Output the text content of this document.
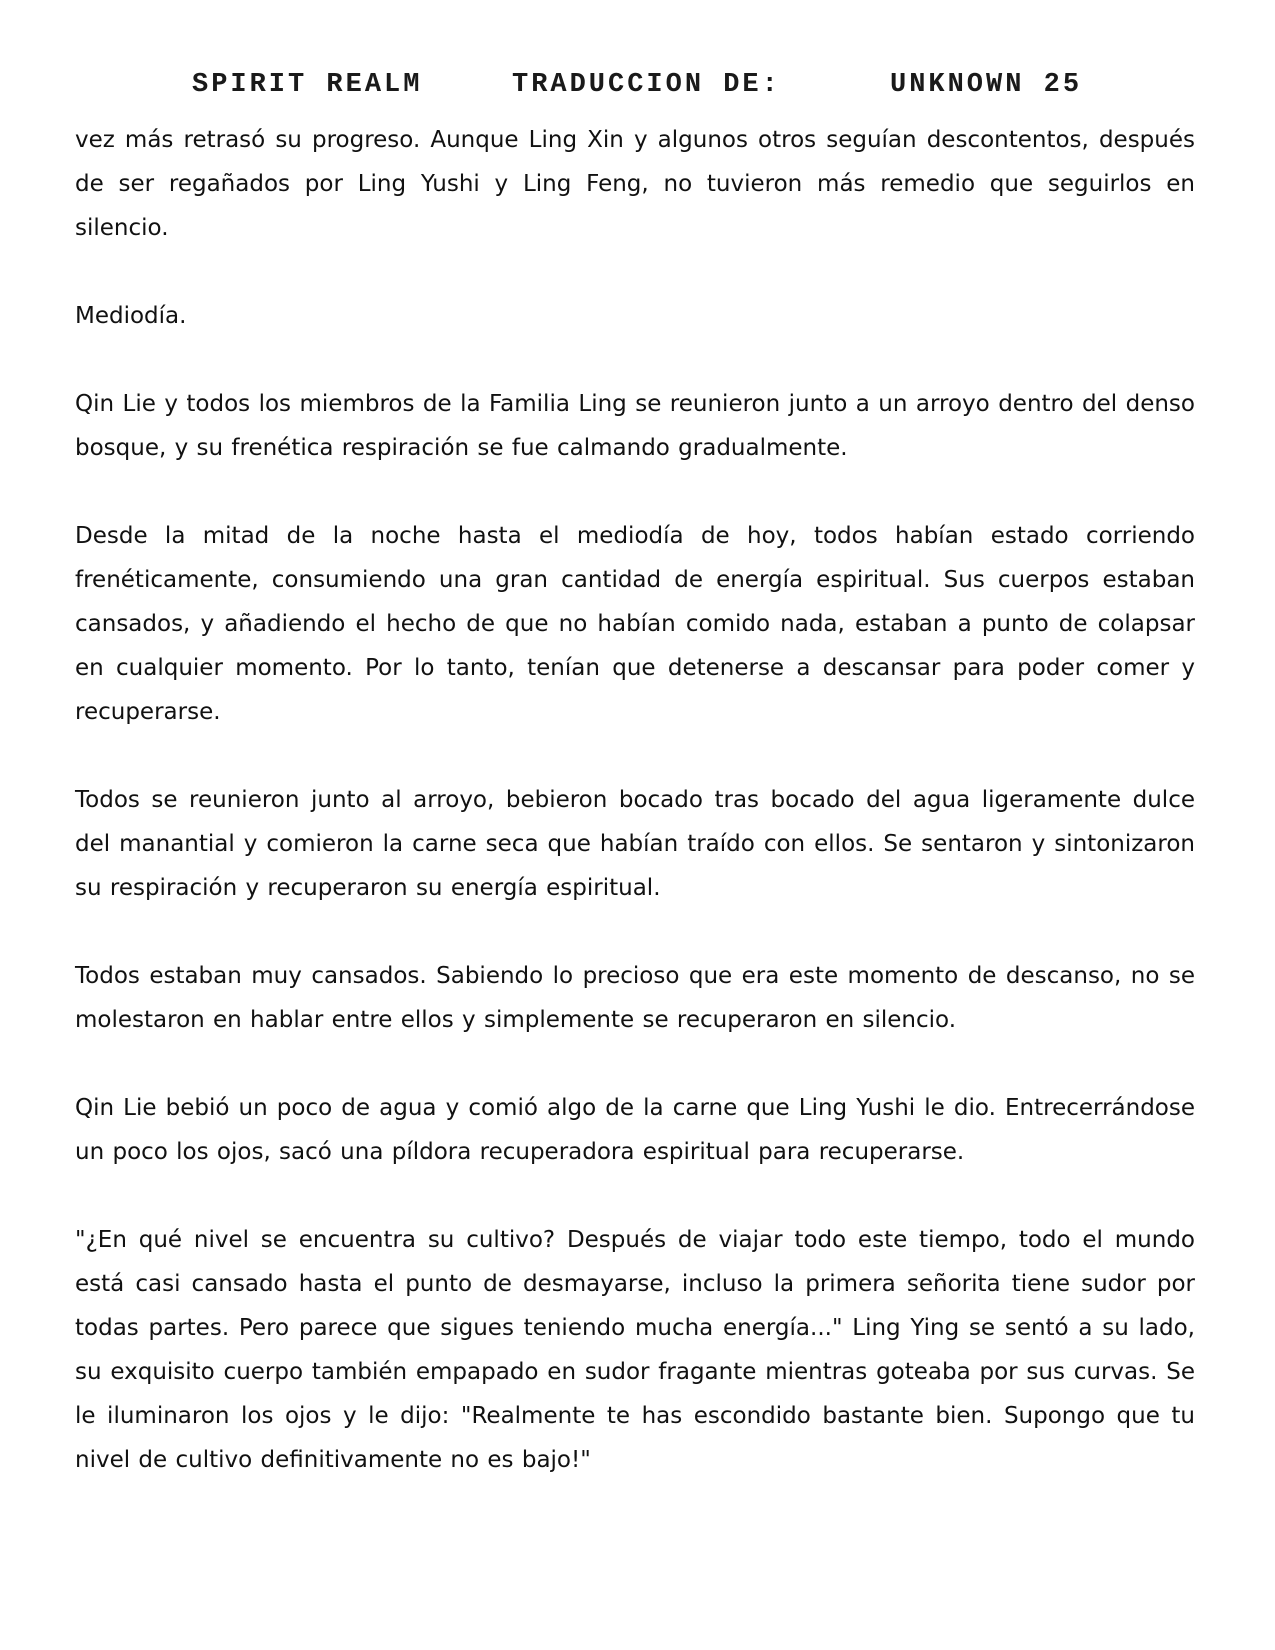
SPIRIT REALM	TRADUCCION DE:	UNKNOWN 25

vez más retrasó su progreso. Aunque Ling Xin y algunos otros seguían descontentos, después de ser regañados por Ling Yushi y Ling Feng, no tuvieron más remedio que seguirlos en silencio.

Mediodía.

Qin Lie y todos los miembros de la Familia Ling se reunieron junto a un arroyo dentro del denso bosque, y su frenética respiración se fue calmando gradualmente.

Desde la mitad de la noche hasta el mediodía de hoy, todos habían estado corriendo frenéticamente, consumiendo una gran cantidad de energía espiritual. Sus cuerpos estaban cansados, y añadiendo el hecho de que no habían comido nada, estaban a punto de colapsar en cualquier momento. Por lo tanto, tenían que detenerse a descansar para poder comer y recuperarse.

Todos se reunieron junto al arroyo, bebieron bocado tras bocado del agua ligeramente dulce del manantial y comieron la carne seca que habían traído con ellos. Se sentaron y sintonizaron su respiración y recuperaron su energía espiritual.

Todos estaban muy cansados. Sabiendo lo precioso que era este momento de descanso, no se molestaron en hablar entre ellos y simplemente se recuperaron en silencio.

Qin Lie bebió un poco de agua y comió algo de la carne que Ling Yushi le dio. Entrecerrándose un poco los ojos, sacó una píldora recuperadora espiritual para recuperarse.

"¿En qué nivel se encuentra su cultivo? Después de viajar todo este tiempo, todo el mundo está casi cansado hasta el punto de desmayarse, incluso la primera señorita tiene sudor por todas partes. Pero parece que sigues teniendo mucha energía..." Ling Ying se sentó a su lado, su exquisito cuerpo también empapado en sudor fragante mientras goteaba por sus curvas. Se le iluminaron los ojos y le dijo: "Realmente te has escondido bastante bien. Supongo que tu nivel de cultivo definitivamente no es bajo!"
